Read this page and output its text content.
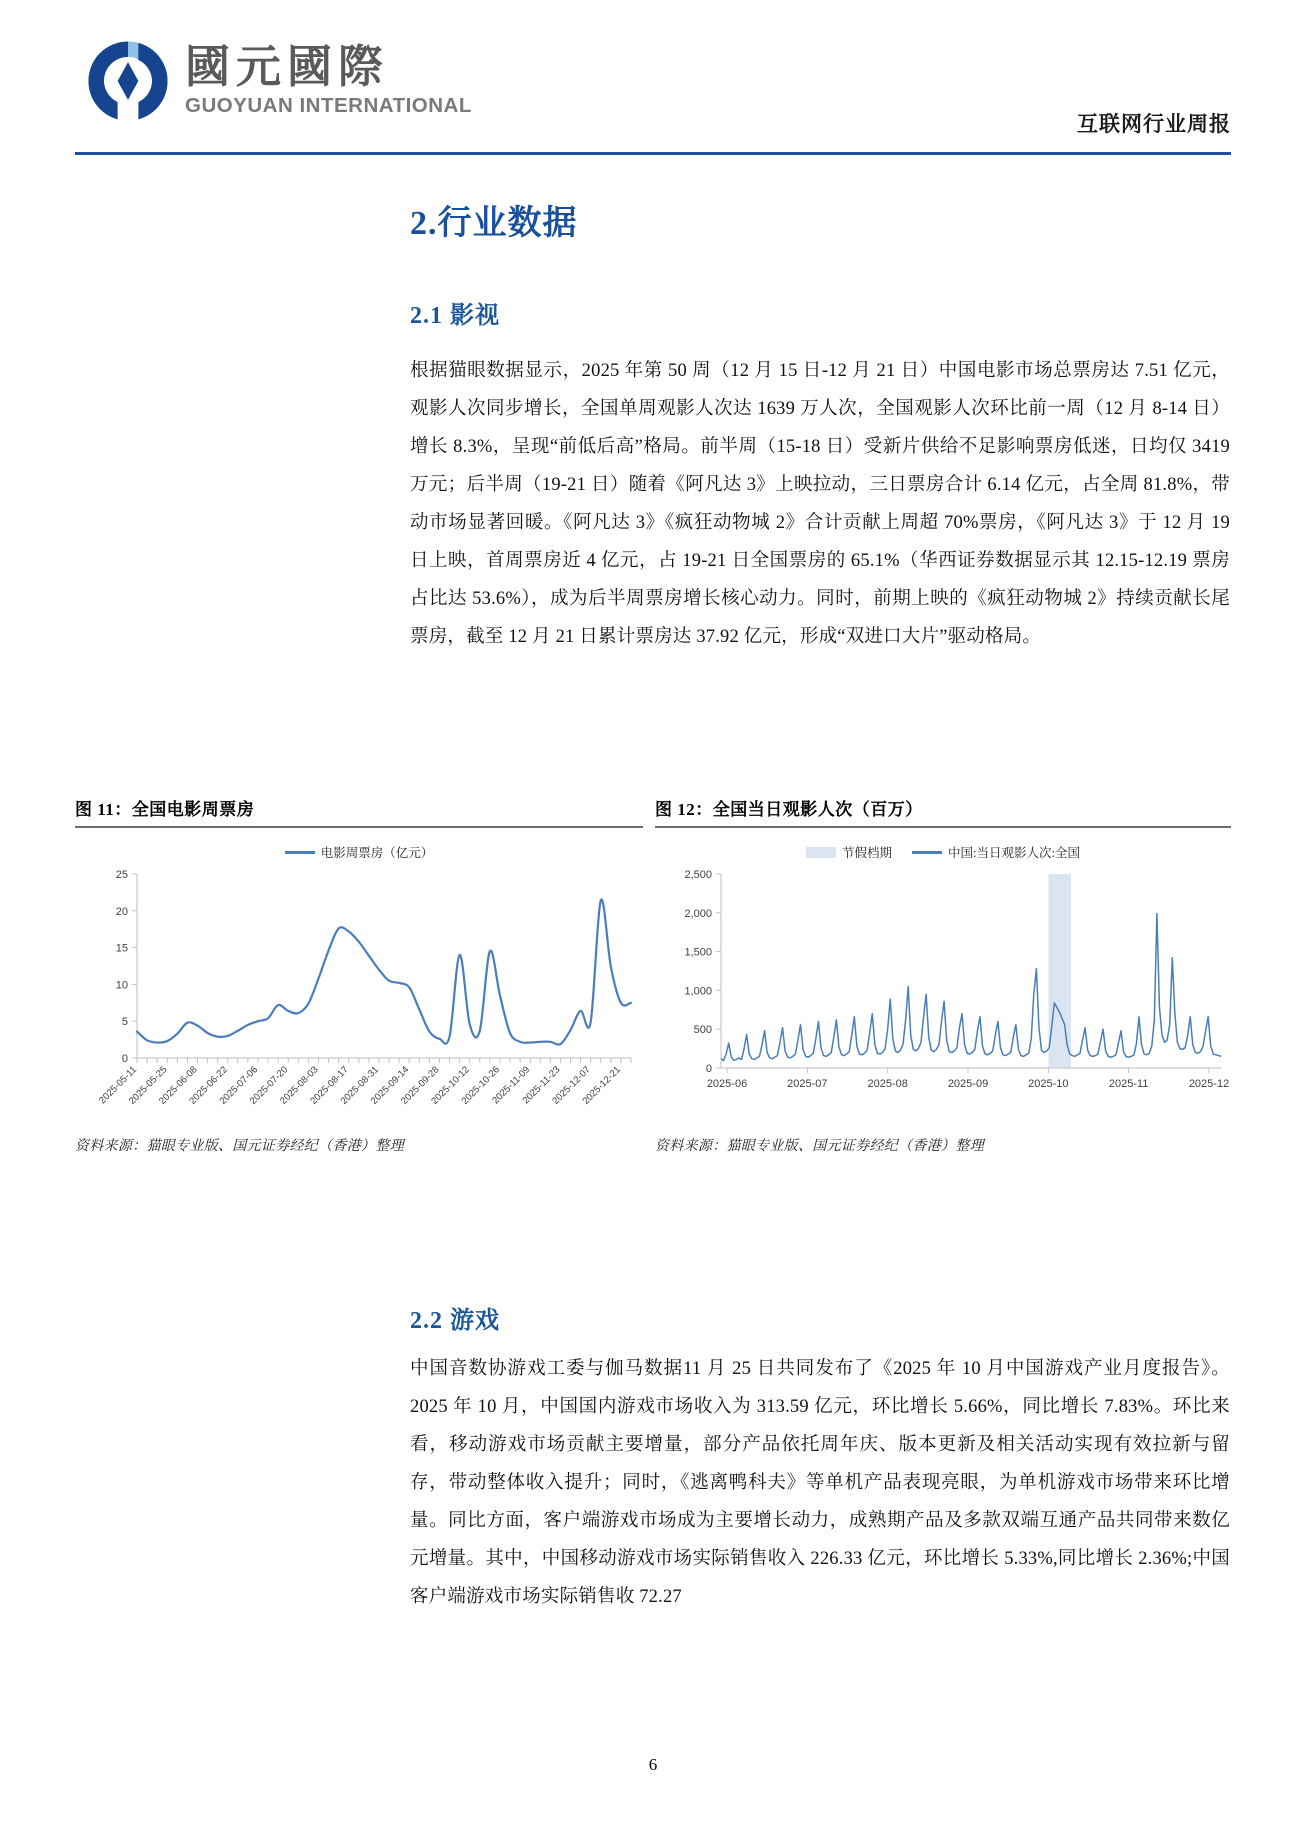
國元國際
GUOYUAN INTERNATIONAL
互联网行业周报
2.行业数据
2.1 影视
根据猫眼数据显示，2025 年第 50 周（12 月 15 日-12 月 21 日）中国电影市场总票房达 7.51 亿元，观影人次同步增长，全国单周观影人次达 1639 万人次，全国观影人次环比前一周（12 月 8-14 日）增长 8.3%，呈现“前低后高”格局。前半周（15-18 日）受新片供给不足影响票房低迷，日均仅 3419 万元；后半周（19-21 日）随着《阿凡达 3》上映拉动，三日票房合计 6.14 亿元，占全周 81.8%，带动市场显著回暖。《阿凡达 3》《疯狂动物城 2》合计贡献上周超 70%票房，《阿凡达 3》于 12 月 19 日上映，首周票房近 4 亿元，占 19-21 日全国票房的 65.1%（华西证券数据显示其 12.15-12.19 票房占比达 53.6%），成为后半周票房增长核心动力。同时，前期上映的《疯狂动物城 2》持续贡献长尾票房，截至 12 月 21 日累计票房达 37.92 亿元，形成“双进口大片”驱动格局。
图 11：全国电影周票房
电影周票房（亿元）
0
5
10
15
20
25
2025-05-11
2025-05-25
2025-06-08
2025-06-22
2025-07-06
2025-07-20
2025-08-03
2025-08-17
2025-08-31
2025-09-14
2025-09-28
2025-10-12
2025-10-26
2025-11-09
2025-11-23
2025-12-07
2025-12-21
资料来源：猫眼专业版、国元证券经纪（香港）整理
图 12：全国当日观影人次（百万）
节假档期	中国:当日观影人次:全国
0
500
1,000
1,500
2,000
2,500
2025-06	2025-07	2025-08	2025-09	2025-10	2025-11	2025-12
资料来源：猫眼专业版、国元证券经纪（香港）整理
2.2 游戏
中国音数协游戏工委与伽马数据11 月 25 日共同发布了《2025 年 10 月中国游戏产业月度报告》。2025 年 10 月，中国国内游戏市场收入为 313.59 亿元，环比增长 5.66%，同比增长 7.83%。环比来看，移动游戏市场贡献主要增量，部分产品依托周年庆、版本更新及相关活动实现有效拉新与留存，带动整体收入提升；同时，《逃离鸭科夫》等单机产品表现亮眼，为单机游戏市场带来环比增量。同比方面，客户端游戏市场成为主要增长动力，成熟期产品及多款双端互通产品共同带来数亿元增量。其中，中国移动游戏市场实际销售收入 226.33 亿元，环比增长 5.33%,同比增长 2.36%;中国客户端游戏市场实际销售收 72.27
6
